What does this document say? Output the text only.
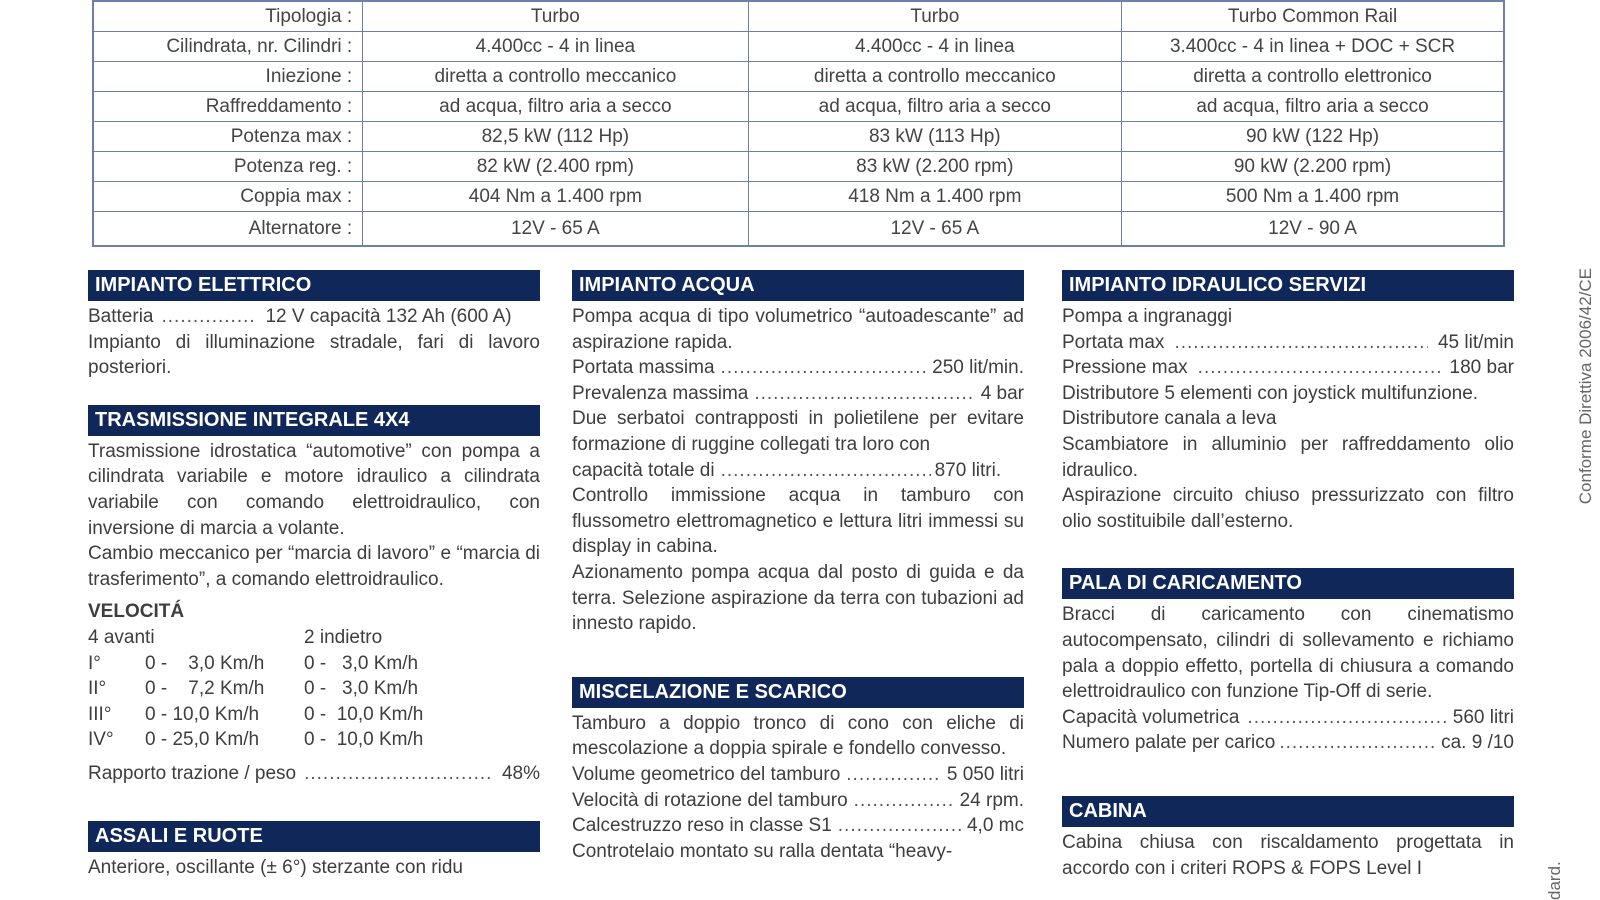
Tipologia :	Turbo	Turbo	Turbo Common Rail
Cilindrata, nr. Cilindri :	4.400cc - 4 in linea	4.400cc - 4 in linea	3.400cc - 4 in linea + DOC + SCR
Iniezione :	diretta a controllo meccanico	diretta a controllo meccanico	diretta a controllo elettronico
Raffreddamento :	ad acqua, filtro aria a secco	ad acqua, filtro aria a secco	ad acqua, filtro aria a secco
Potenza max :	82,5 kW (112 Hp)	83 kW (113 Hp)	90 kW (122 Hp)
Potenza reg. :	82 kW (2.400 rpm)	83 kW (2.200 rpm)	90 kW (2.200 rpm)
Coppia max :	404 Nm a 1.400 rpm	418 Nm a 1.400 rpm	500 Nm a 1.400 rpm
Alternatore :	12V - 65 A	12V - 65 A	12V - 90 A
Conforme Direttiva 2006/42/CE
dard.
IMPIANTO ELETTRICO
Batteria .....	12 V capacità 132 Ah (600 A)

Impianto di illuminazione stradale, fari di lavoro posteriori.

TRASMISSIONE INTEGRALE 4X4

Trasmissione idrostatica “automotive” con pompa a cilindrata variabile e motore idraulico a cilindrata variabile con comando elettroidraulico, con inversione di marcia a volante.

Cambio meccanico per “marcia di lavoro” e “marcia di trasferimento”, a comando elettroidraulico.

VELOCITÁ
4 avanti	2 indietro
I°	0 -    3,0 Km/h	0 -   3,0 Km/h
II°	0 -    7,2 Km/h	0 -   3,0 Km/h
III°	0 - 10,0 Km/h	0 -  10,0 Km/h
IV°	0 - 25,0 Km/h	0 -  10,0 Km/h
Rapporto trazione / peso .....	48%
ASSALI E RUOTE

Anteriore, oscillante (± 6°) sterzante con ridu

IMPIANTO ACQUA

Pompa acqua di tipo volumetrico “autoadescante” ad aspirazione rapida.

Portata massima .....	250 lit/min.
Prevalenza massima .....	4 bar

Due serbatoi contrapposti in polietilene per evitare formazione di ruggine collegati tra loro con

capacità totale di .....	870 litri.

Controllo immissione acqua in tamburo con flussometro elettromagnetico e lettura litri immessi su display in cabina.

Azionamento pompa acqua dal posto di guida e da terra. Selezione aspirazione da terra con tubazioni ad innesto rapido.

MISCELAZIONE E SCARICO

Tamburo a doppio tronco di cono con eliche di mescolazione a doppia spirale e fondello convesso.

Volume geometrico del tamburo .....	5 050 litri
Velocità di rotazione del tamburo .....	24 rpm.
Calcestruzzo reso in classe S1 .....	4,0 mc

Controtelaio montato su ralla dentata “heavy-

IMPIANTO IDRAULICO SERVIZI
Pompa a ingranaggi
Portata max .....	45 lit/min
Pressione max .....	180 bar

Distributore 5 elementi con joystick multifunzione.

Distributore canala a leva

Scambiatore in alluminio per raffreddamento olio idraulico.

Aspirazione circuito chiuso pressurizzato con filtro olio sostituibile dall’esterno.

PALA DI CARICAMENTO

Bracci di caricamento con cinematismo autocompensato, cilindri di sollevamento e richiamo pala a doppio effetto, portella di chiusura a comando elettroidraulico con funzione Tip-Off di serie.

Capacità volumetrica .....	560 litri
Numero palate per carico .....	ca. 9 /10
CABINA

Cabina chiusa con riscaldamento progettata in accordo con i criteri ROPS & FOPS Level I
